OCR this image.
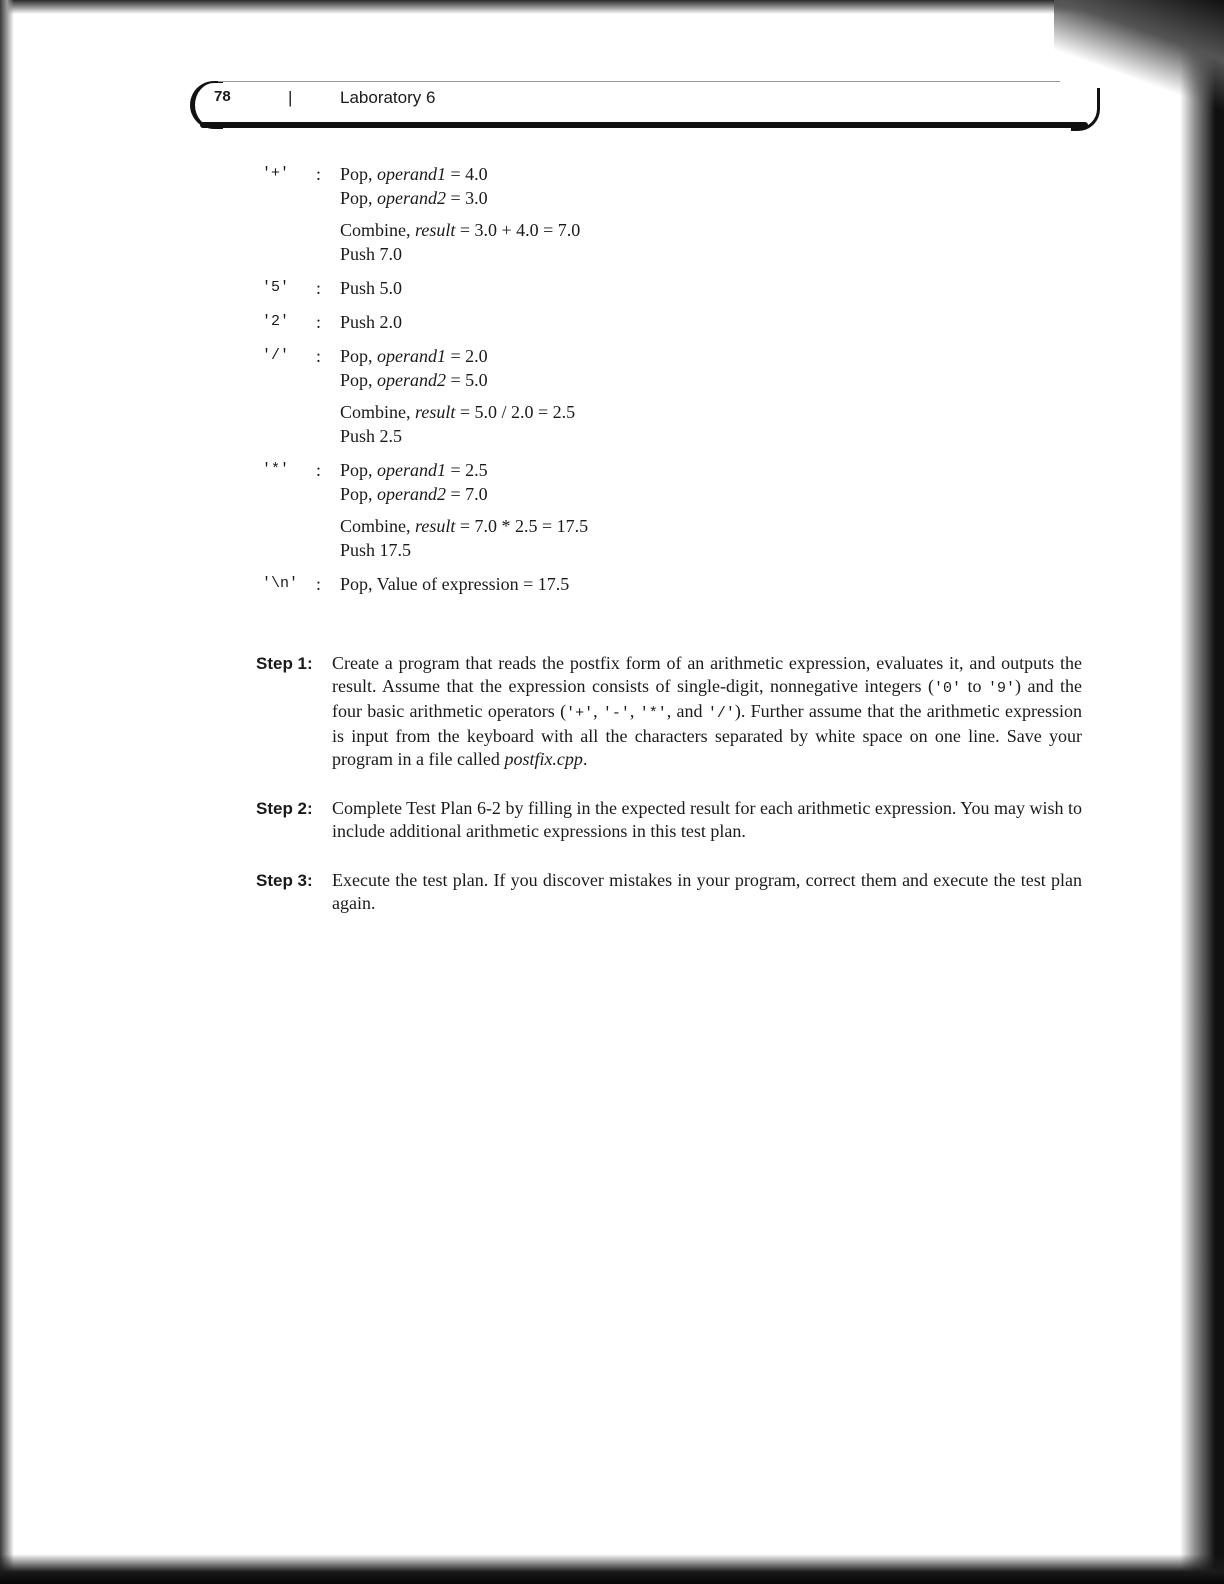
78	|	Laboratory 6
'+'	:	Pop, operand1 = 4.0
Pop, operand2 = 3.0
Combine, result = 3.0 + 4.0 = 7.0
Push 7.0
'5'	:	Push 5.0
'2'	:	Push 2.0
'/'	:	Pop, operand1 = 2.0
Pop, operand2 = 5.0
Combine, result = 5.0 / 2.0 = 2.5
Push 2.5
'*'	:	Pop, operand1 = 2.5
Pop, operand2 = 7.0
Combine, result = 7.0 * 2.5 = 17.5
Push 17.5
'\n' :	Pop, Value of expression = 17.5
Step 1:	Create a program that reads the postfix form of an arithmetic expression, evaluates it, and outputs the result. Assume that the expression consists of single-digit, nonnegative integers ('0' to '9') and the four basic arithmetic operators ('+', '-', '*', and '/'). Further assume that the arithmetic expression is input from the keyboard with all the characters separated by white space on one line. Save your program in a file called postfix.cpp.
Step 2:	Complete Test Plan 6-2 by filling in the expected result for each arithmetic expression. You may wish to include additional arithmetic expressions in this test plan.
Step 3:	Execute the test plan. If you discover mistakes in your program, correct them and execute the test plan again.
